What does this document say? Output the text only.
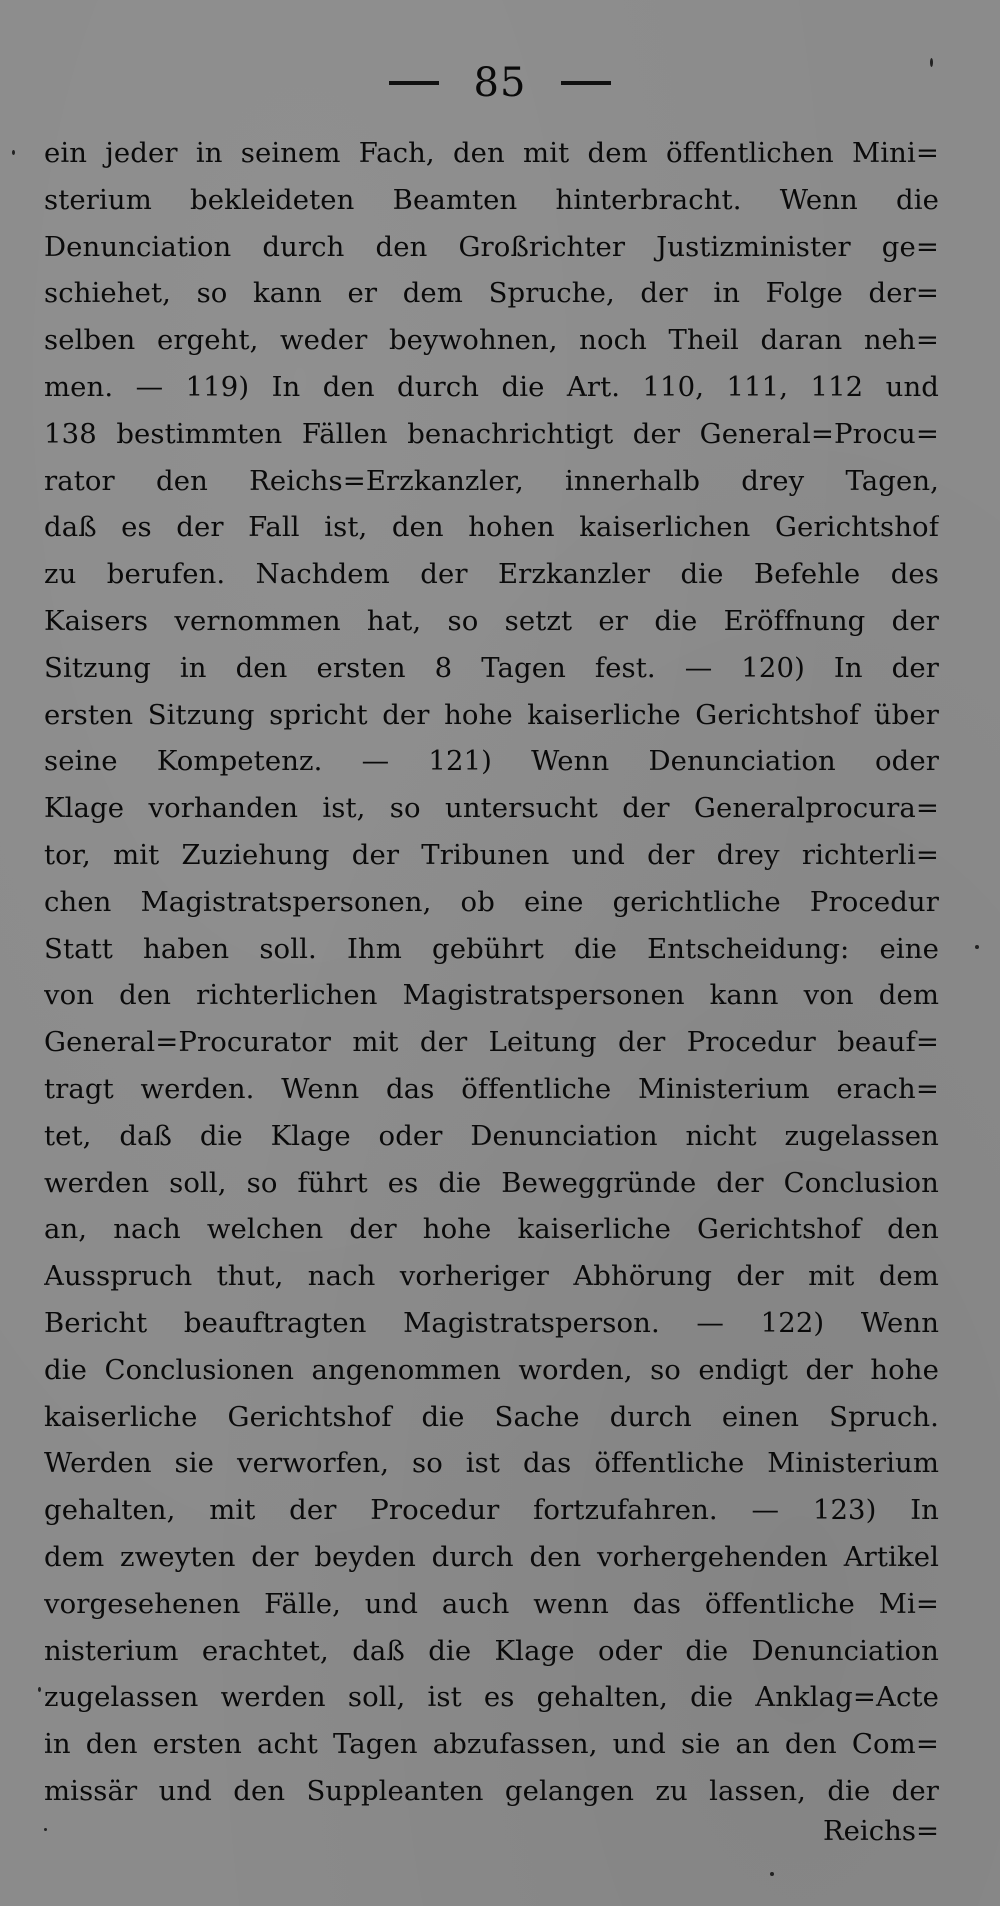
85
ein jeder in seinem Fach, den mit dem öffentlichen Mini=
sterium bekleideten Beamten hinterbracht. Wenn die
Denunciation durch den Großrichter Justizminister ge=
schiehet, so kann er dem Spruche, der in Folge der=
selben ergeht, weder beywohnen, noch Theil daran neh=
men. — 119) In den durch die Art. 110, 111, 112 und
138 bestimmten Fällen benachrichtigt der General=Procu=
rator den Reichs=Erzkanzler, innerhalb drey Tagen,
daß es der Fall ist, den hohen kaiserlichen Gerichtshof
zu berufen. Nachdem der Erzkanzler die Befehle des
Kaisers vernommen hat, so setzt er die Eröffnung der
Sitzung in den ersten 8 Tagen fest. — 120) In der
ersten Sitzung spricht der hohe kaiserliche Gerichtshof über
seine Kompetenz. — 121) Wenn Denunciation oder
Klage vorhanden ist, so untersucht der Generalprocura=
tor, mit Zuziehung der Tribunen und der drey richterli=
chen Magistratspersonen, ob eine gerichtliche Procedur
Statt haben soll. Ihm gebührt die Entscheidung: eine
von den richterlichen Magistratspersonen kann von dem
General=Procurator mit der Leitung der Procedur beauf=
tragt werden. Wenn das öffentliche Ministerium erach=
tet, daß die Klage oder Denunciation nicht zugelassen
werden soll, so führt es die Beweggründe der Conclusion
an, nach welchen der hohe kaiserliche Gerichtshof den
Ausspruch thut, nach vorheriger Abhörung der mit dem
Bericht beauftragten Magistratsperson. — 122) Wenn
die Conclusionen angenommen worden, so endigt der hohe
kaiserliche Gerichtshof die Sache durch einen Spruch.
Werden sie verworfen, so ist das öffentliche Ministerium
gehalten, mit der Procedur fortzufahren. — 123) In
dem zweyten der beyden durch den vorhergehenden Artikel
vorgesehenen Fälle, und auch wenn das öffentliche Mi=
nisterium erachtet, daß die Klage oder die Denunciation
zugelassen werden soll, ist es gehalten, die Anklag=Acte
in den ersten acht Tagen abzufassen, und sie an den Com=
missär und den Suppleanten gelangen zu lassen, die der
Reichs=
